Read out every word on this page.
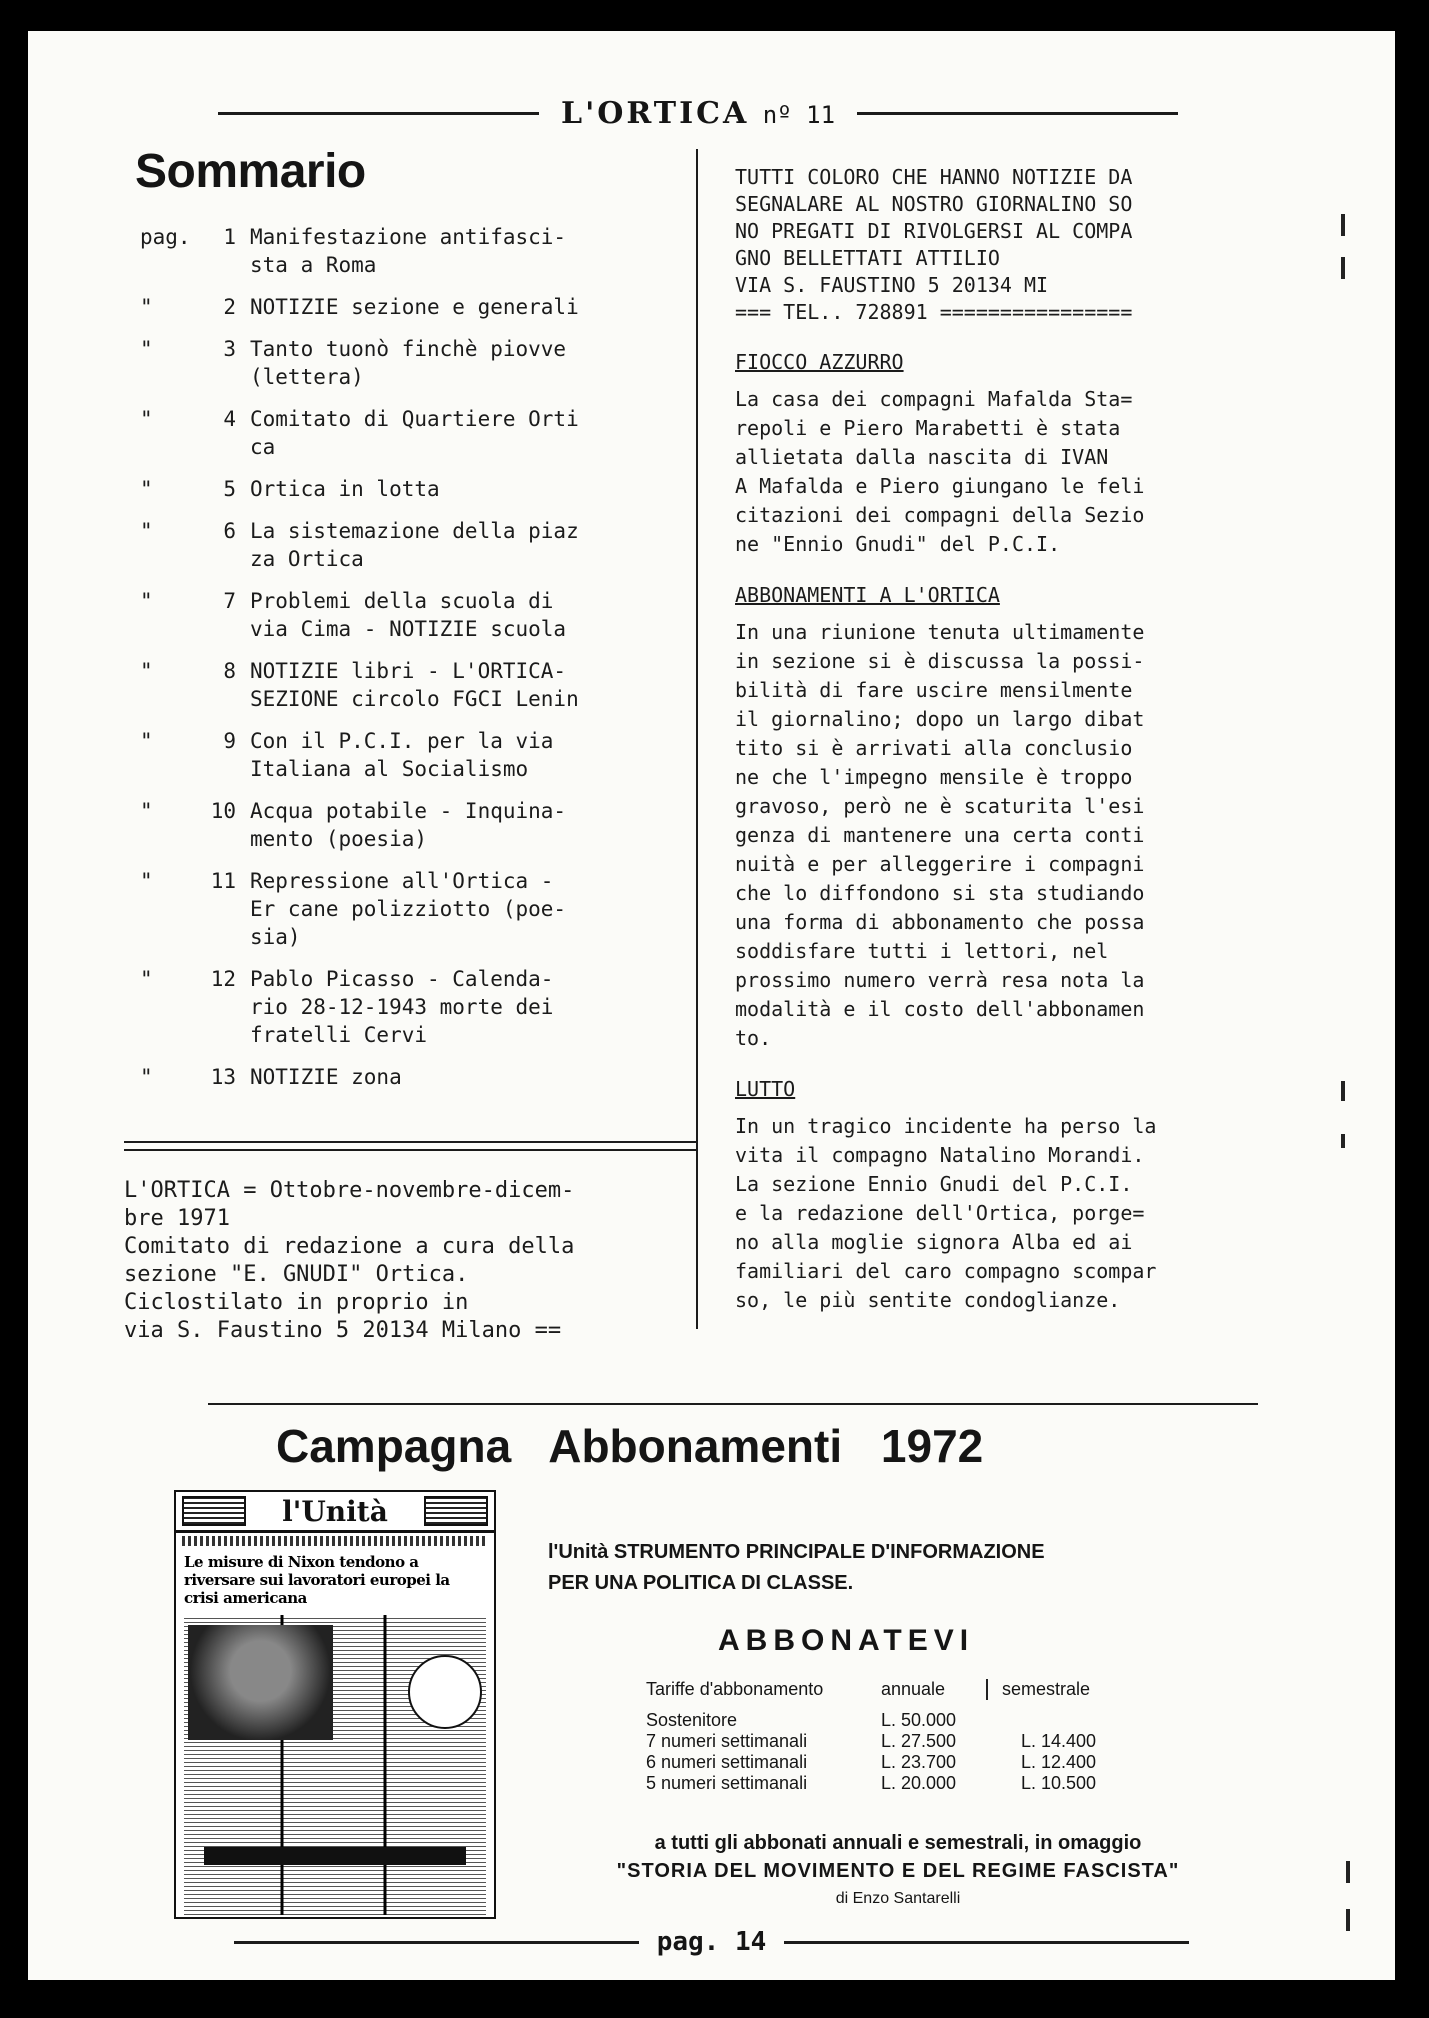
L'ORTICA nº 11
Sommario
pag.	1 Manifestazione antifasci-
sta a Roma
"	2 NOTIZIE sezione e generali
"	3 Tanto tuonò finchè piovve
(lettera)
"	4 Comitato di Quartiere Orti
ca
"	5 Ortica in lotta
"	6 La sistemazione della piaz
za Ortica
"	7 Problemi della scuola di
via Cima - NOTIZIE scuola
"	8 NOTIZIE libri - L'ORTICA-
SEZIONE circolo FGCI Lenin
"	9 Con il P.C.I. per la via
Italiana al Socialismo
"	10 Acqua potabile - Inquina-
mento (poesia)
"	11 Repressione all'Ortica -
Er cane polizziotto (poe-
sia)
"	12 Pablo Picasso - Calenda-
rio 28-12-1943 morte dei
fratelli Cervi
"	13 NOTIZIE zona

L'ORTICA = Ottobre-novembre-dicem-
bre 1971

Comitato di redazione a cura della
sezione "E. GNUDI" Ortica.

Ciclostilato in proprio in
via S. Faustino 5 20134 Milano ==

TUTTI COLORO CHE HANNO NOTIZIE DA
SEGNALARE AL NOSTRO GIORNALINO SO
NO PREGATI DI RIVOLGERSI AL COMPA
GNO BELLETTATI ATTILIO
VIA S. FAUSTINO 5 20134 MI
=== TEL.. 728891 ================

FIOCCO AZZURRO

La casa dei compagni Mafalda Sta=
repoli e Piero Marabetti è stata
allietata dalla nascita di IVAN
A Mafalda e Piero giungano le feli
citazioni dei compagni della Sezio
ne "Ennio Gnudi" del P.C.I.

ABBONAMENTI A L'ORTICA

In una riunione tenuta ultimamente
in sezione si è discussa la possi-
bilità di fare uscire mensilmente
il giornalino; dopo un largo dibat
tito si è arrivati alla conclusio
ne che l'impegno mensile è troppo
gravoso, però ne è scaturita l'esi
genza di mantenere una certa conti
nuità e per alleggerire i compagni
che lo diffondono si sta studiando
una forma di abbonamento che possa
soddisfare tutti i lettori, nel
prossimo numero verrà resa nota la
modalità e il costo dell'abbonamen
to.

LUTTO

In un tragico incidente ha perso la
vita il compagno Natalino Morandi.
La sezione Ennio Gnudi del P.C.I.
e la redazione dell'Ortica, porge=
no alla moglie signora Alba ed ai
familiari del caro compagno scompar
so, le più sentite condoglianze.

Campagna Abbonamenti 1972
l'Unità
Le misure di Nixon tendono a riversare sui lavoratori europei la crisi americana
l'Unità STRUMENTO PRINCIPALE D'INFORMAZIONE
PER UNA POLITICA DI CLASSE.
ABBONATEVI
Tariffe d'abbonamento	annuale	semestrale
Sostenitore	L. 50.000
7 numeri settimanali	L. 27.500	L. 14.400
6 numeri settimanali	L. 23.700	L. 12.400
5 numeri settimanali	L. 20.000	L. 10.500
a tutti gli abbonati annuali e semestrali, in omaggio
"STORIA DEL MOVIMENTO E DEL REGIME FASCISTA"
di Enzo Santarelli
pag. 14
